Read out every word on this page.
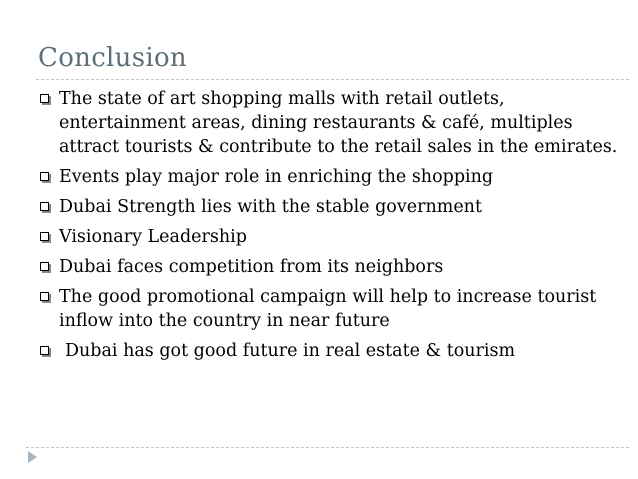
Conclusion
The state of art shopping malls with retail outlets, entertainment areas, dining restaurants & café, multiples attract tourists & contribute to the retail sales in the emirates.
Events play major role in enriching the shopping
Dubai Strength lies with the stable government
Visionary Leadership
Dubai faces competition from its neighbors
The good promotional campaign will help to increase tourist inflow into the country in near future
Dubai has got good future in real estate & tourism
